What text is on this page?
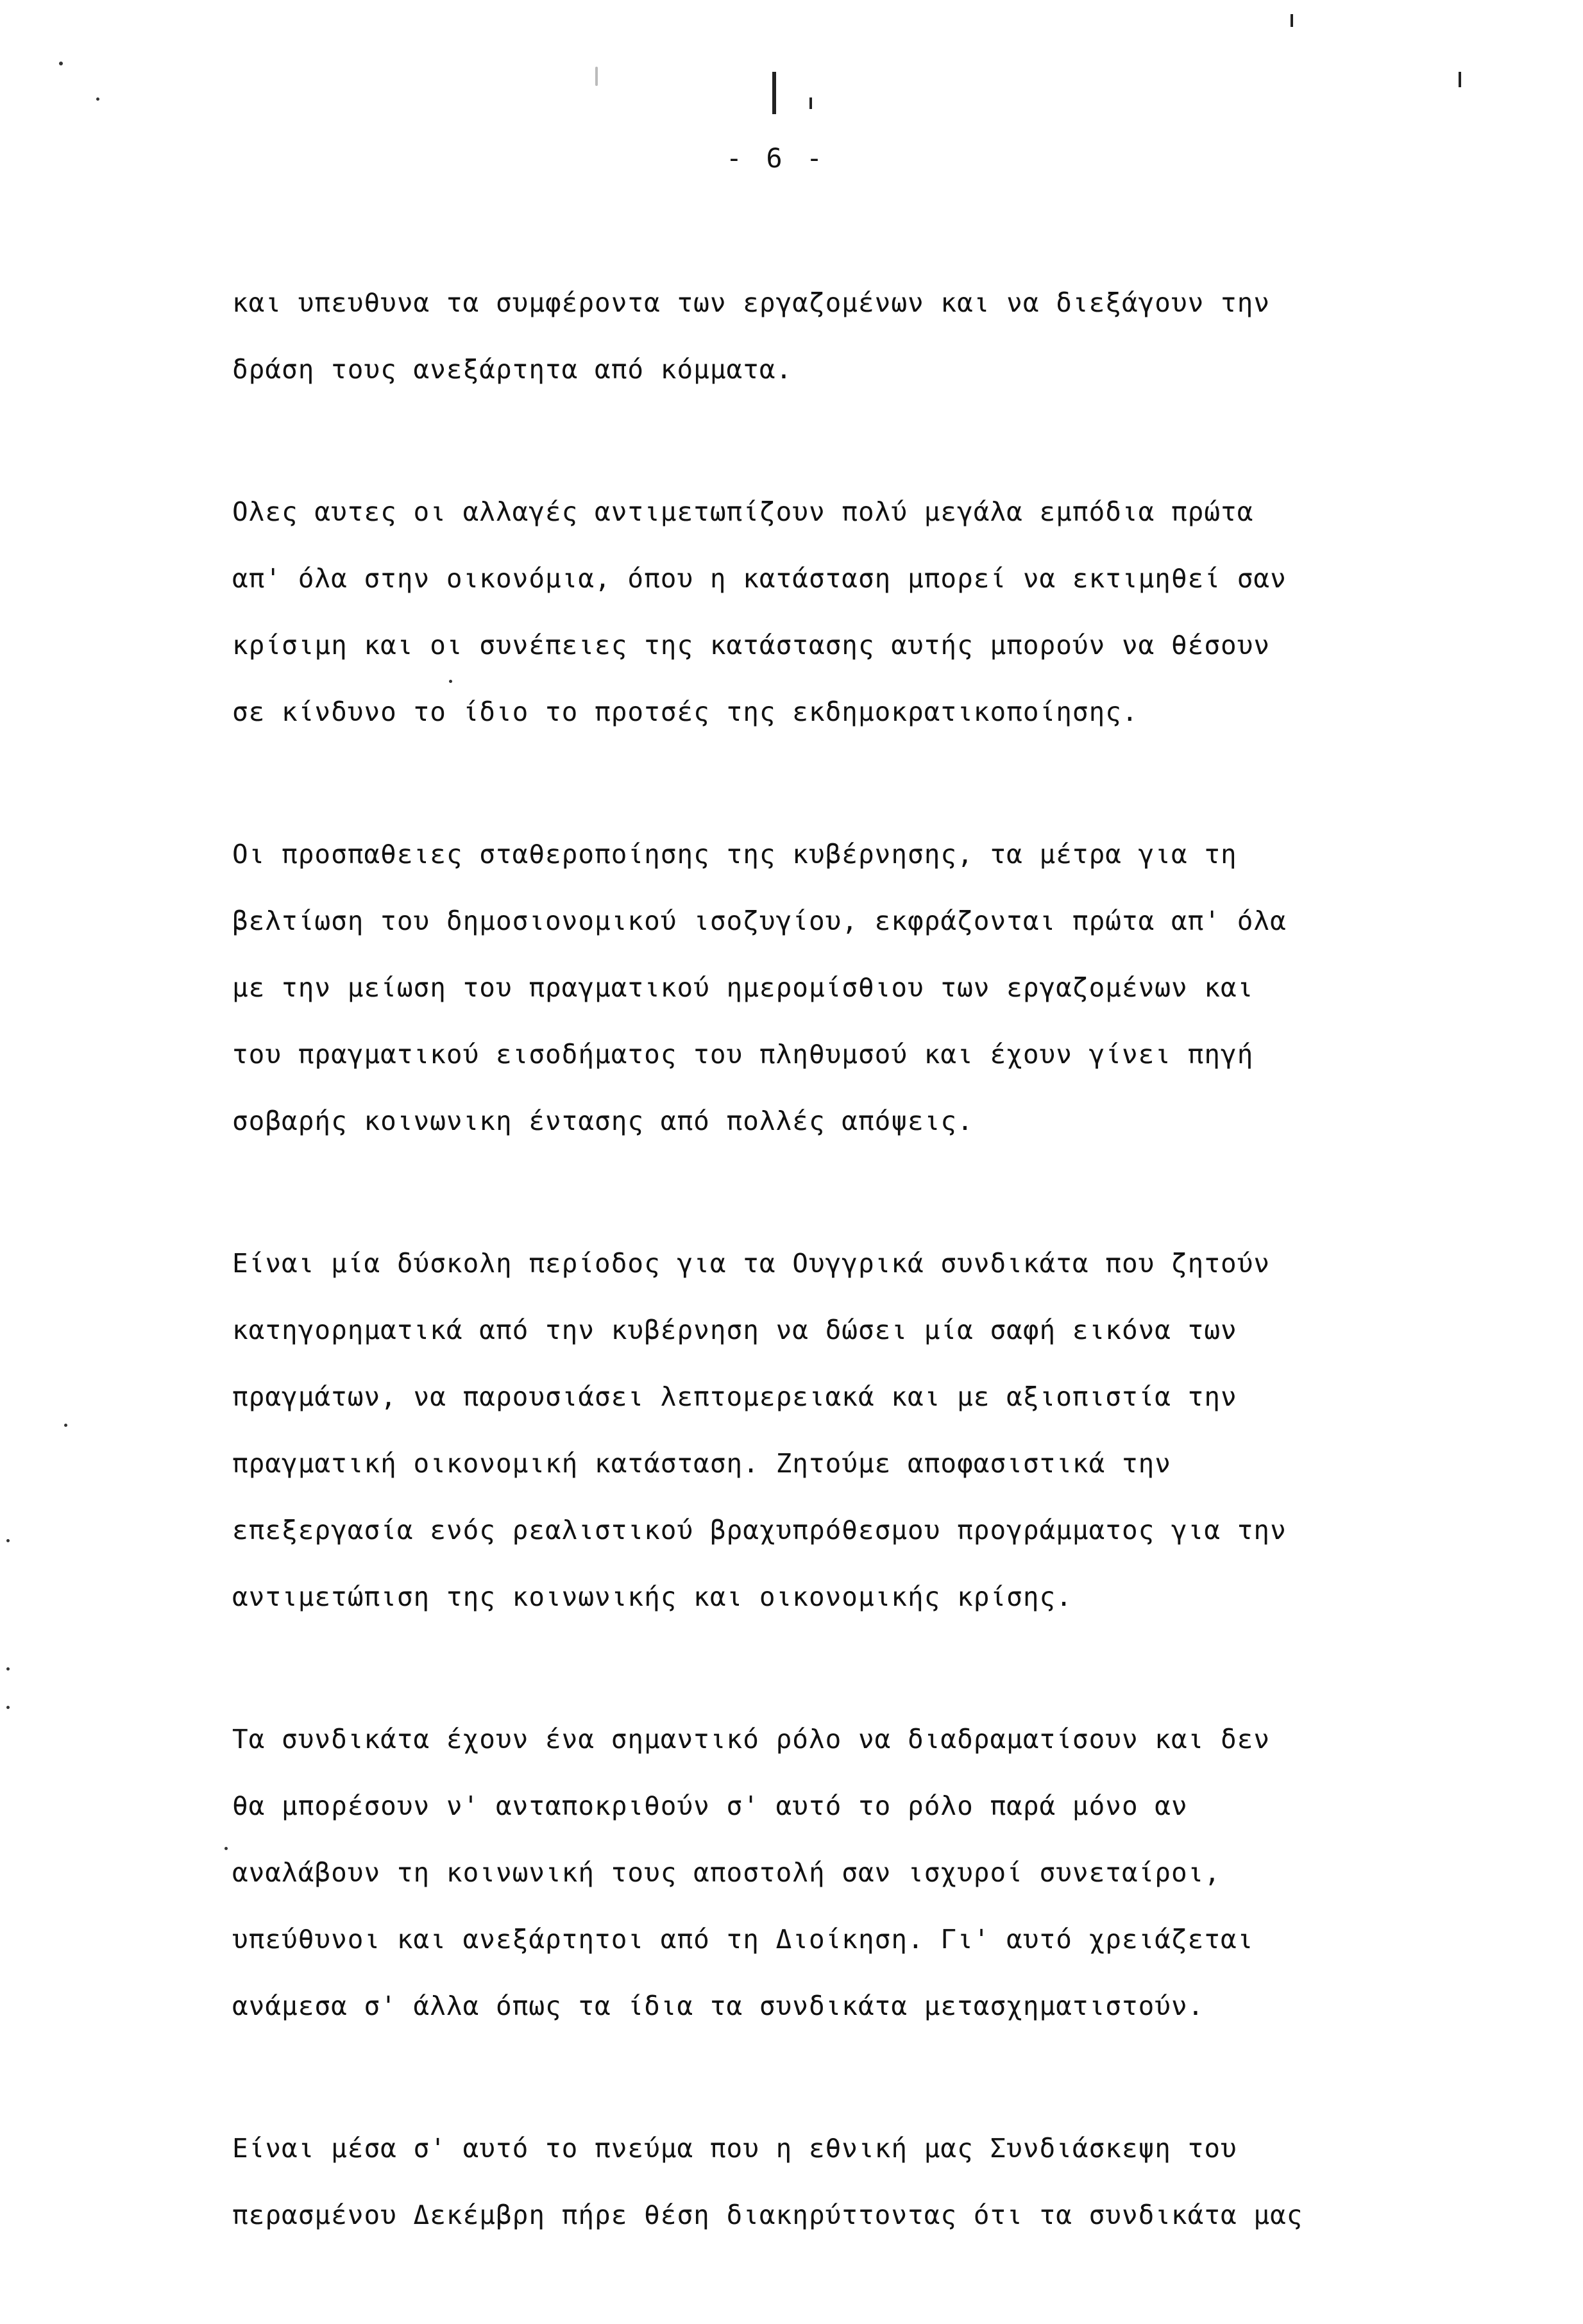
- 6 -
και υπευθυνα τα συμφέροντα των εργαζομένων και να διεξάγουν την
δράση τους ανεξάρτητα από κόμματα.
Ολες αυτες οι αλλαγές αντιμετωπίζουν πολύ μεγάλα εμπόδια πρώτα
απ' όλα στην οικονόμια, όπου η κατάσταση μπορεί να εκτιμηθεί σαν
κρίσιμη και οι συνέπειες της κατάστασης αυτής μπορούν να θέσουν
σε κίνδυνο το ίδιο το προτσές της εκδημοκρατικοποίησης.
Οι προσπαθειες σταθεροποίησης της κυβέρνησης, τα μέτρα για τη
βελτίωση του δημοσιονομικού ισοζυγίου, εκφράζονται πρώτα απ' όλα
με την μείωση του πραγματικού ημερομίσθιου των εργαζομένων και
του πραγματικού εισοδήματος του πληθυμσού και έχουν γίνει πηγή
σοβαρής κοινωνικη έντασης από πολλές απόψεις.
Είναι μία δύσκολη περίοδος για τα Ουγγρικά συνδικάτα που ζητούν
κατηγορηματικά από την κυβέρνηση να δώσει μία σαφή εικόνα των
πραγμάτων, να παρουσιάσει λεπτομερειακά και με αξιοπιστία την
πραγματική οικονομική κατάσταση. Ζητούμε αποφασιστικά την
επεξεργασία ενός ρεαλιστικού βραχυπρόθεσμου προγράμματος για την
αντιμετώπιση της κοινωνικής και οικονομικής κρίσης.
Τα συνδικάτα έχουν ένα σημαντικό ρόλο να διαδραματίσουν και δεν
θα μπορέσουν ν' ανταποκριθούν σ' αυτό το ρόλο παρά μόνο αν
αναλάβουν τη κοινωνική τους αποστολή σαν ισχυροί συνεταίροι,
υπεύθυνοι και ανεξάρτητοι από τη Διοίκηση. Γι' αυτό χρειάζεται
ανάμεσα σ' άλλα όπως τα ίδια τα συνδικάτα μετασχηματιστούν.
Είναι μέσα σ' αυτό το πνεύμα που η εθνική μας Συνδιάσκεψη του
περασμένου Δεκέμβρη πήρε θέση διακηρύττοντας ότι τα συνδικάτα μας
